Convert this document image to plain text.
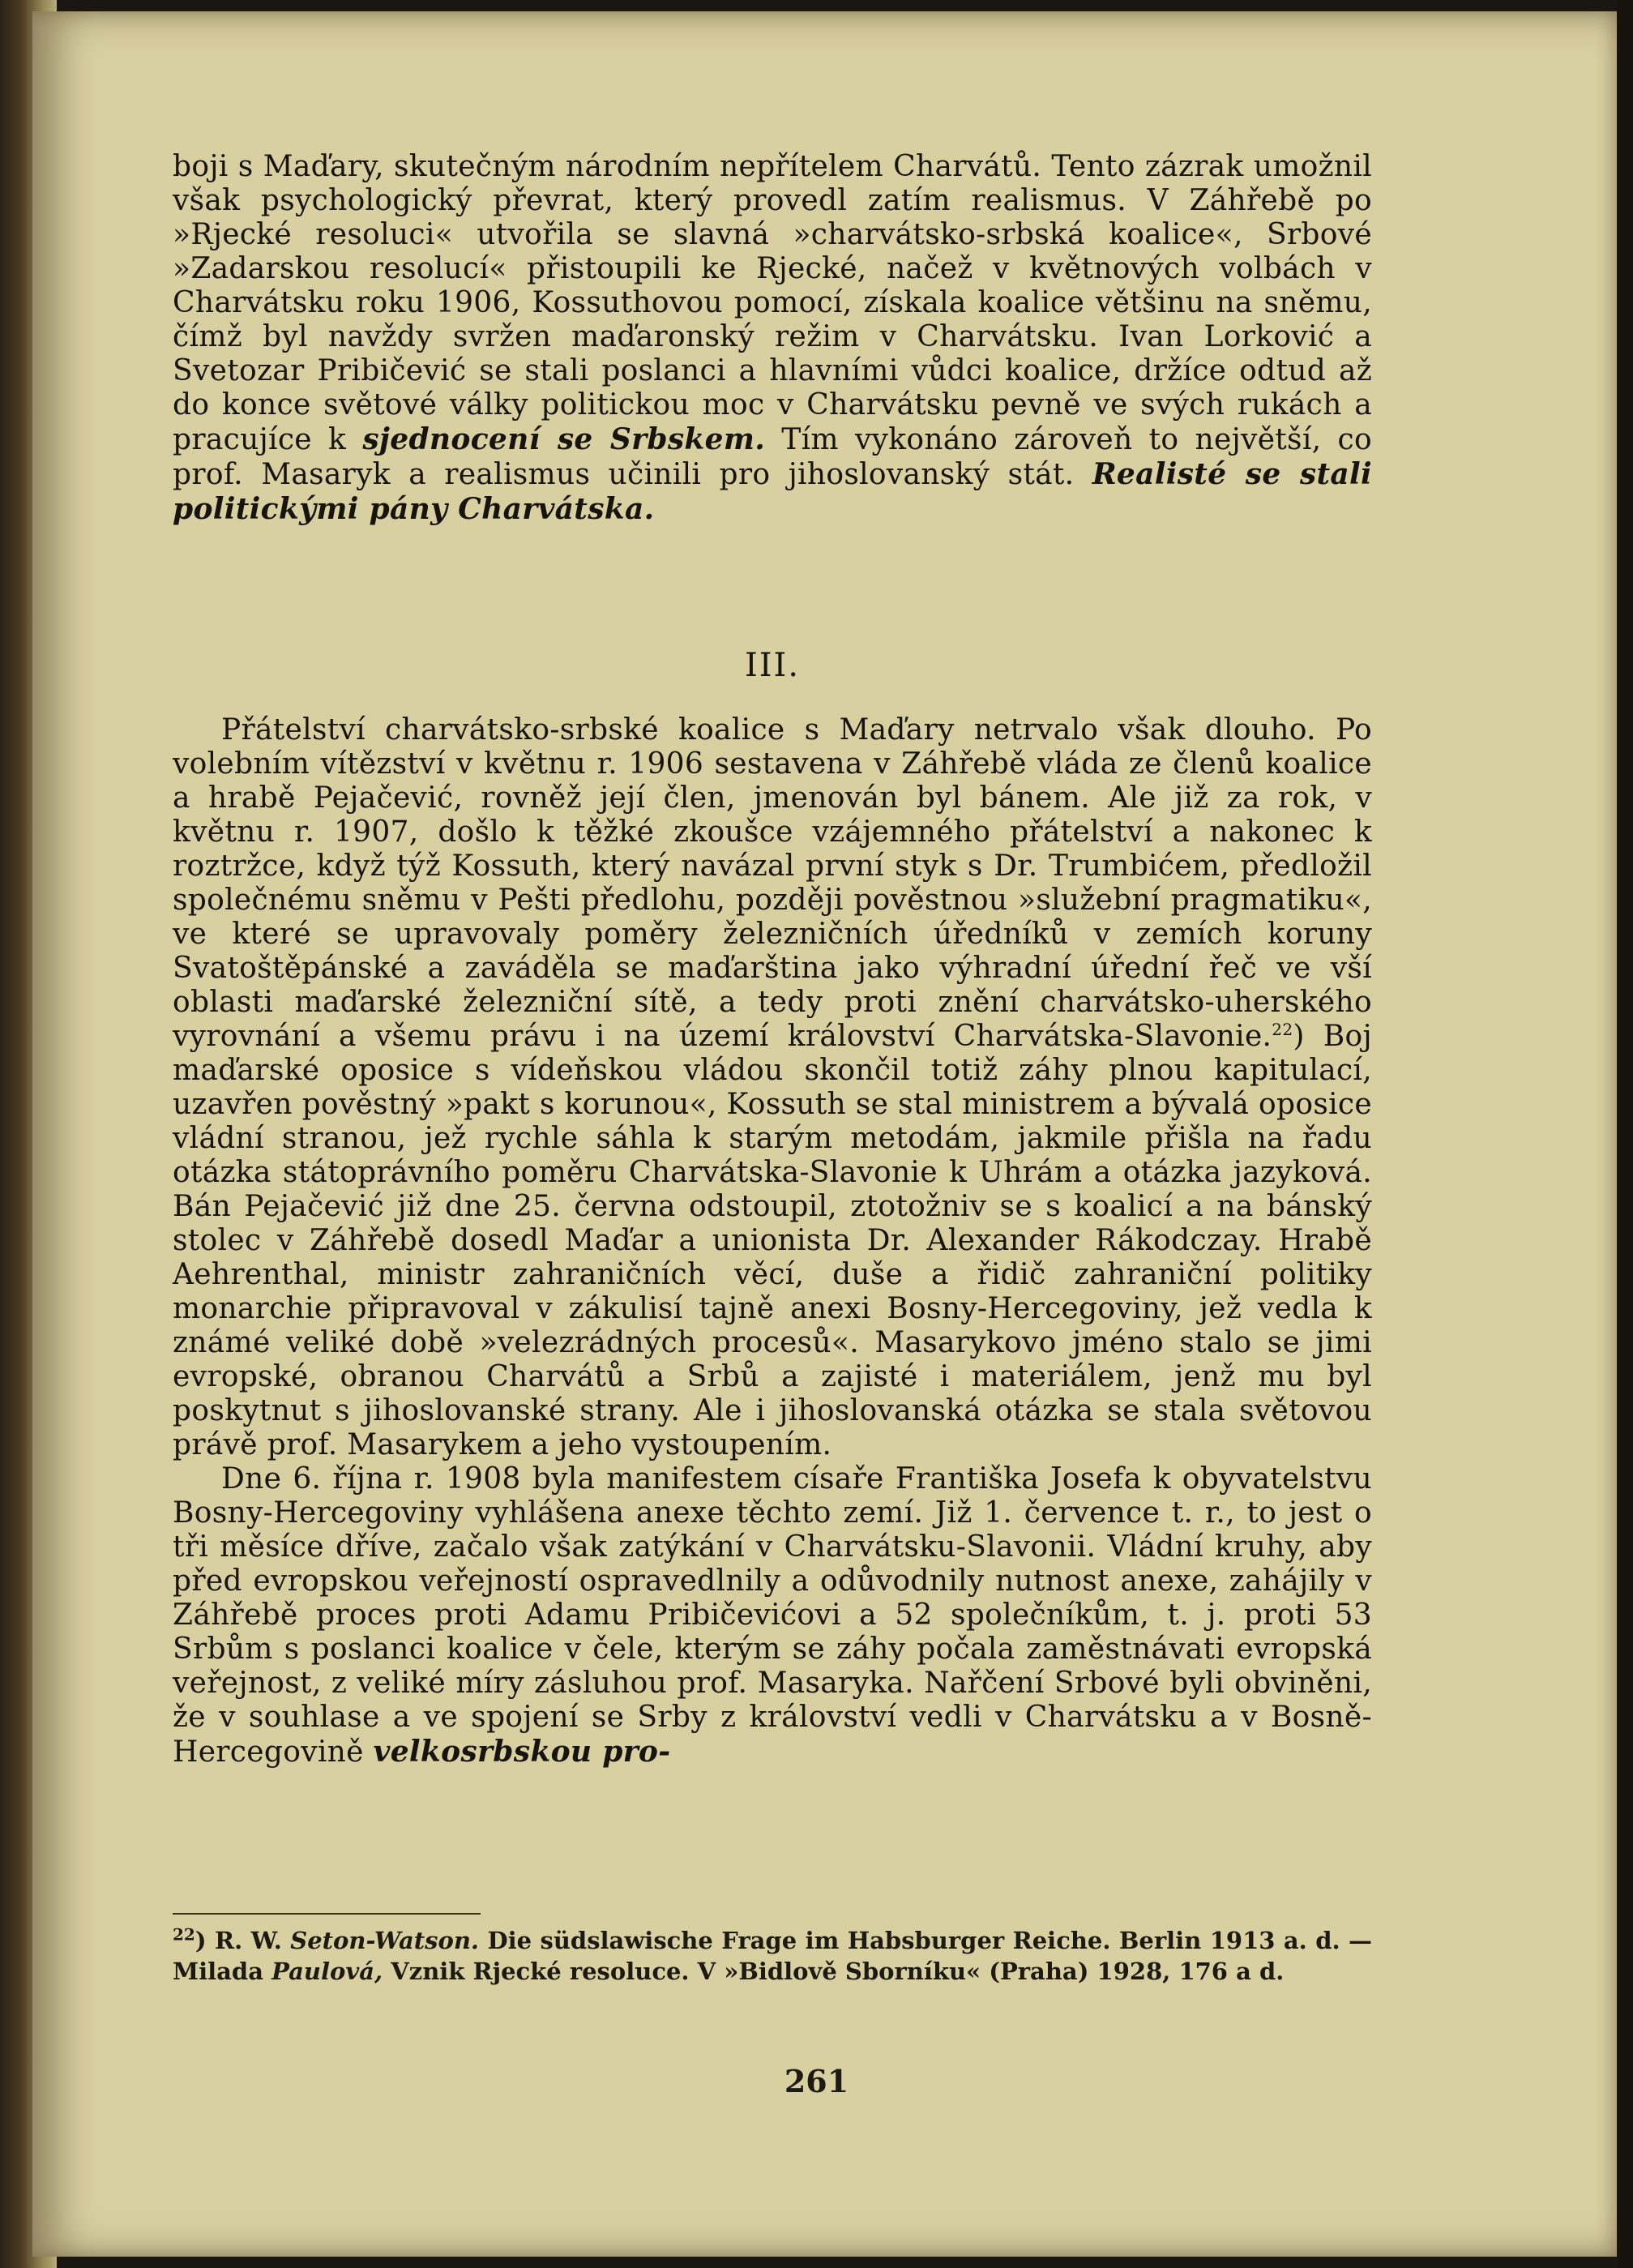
boji s Maďary, skutečným národním nepřítelem Charvátů. Tento zázrak umožnil však psychologický převrat, který provedl zatím realismus. V Záhřebě po »Rjecké resoluci« utvořila se slavná »charvátsko-srbská koalice«, Srbové »Zadarskou resolucí« přistoupili ke Rjecké, načež v květnových volbách v Charvátsku roku 1906, Kossuthovou pomocí, získala koalice většinu na sněmu, čímž byl navždy svržen maďaronský režim v Charvátsku. Ivan Lorković a Svetozar Pribičević se stali poslanci a hlavními vůdci koalice, držíce odtud až do konce světové války politickou moc v Charvátsku pevně ve svých rukách a pracujíce k sjednocení se Srbskem. Tím vykonáno zároveň to největší, co prof. Masaryk a realismus učinili pro jihoslovanský stát. Realisté se stali politickými pány Charvátska.

III.

Přátelství charvátsko-srbské koalice s Maďary netrvalo však dlouho. Po volebním vítězství v květnu r. 1906 sestavena v Záhřebě vláda ze členů koalice a hrabě Pejačević, rovněž její člen, jmenován byl bánem. Ale již za rok, v květnu r. 1907, došlo k těžké zkoušce vzájemného přátelství a nakonec k roztržce, když týž Kossuth, který navázal první styk s Dr. Trumbićem, předložil společnému sněmu v Pešti předlohu, později pověstnou »služební pragmatiku«, ve které se upravovaly poměry železničních úředníků v zemích koruny Svatoštěpánské a zaváděla se maďarština jako výhradní úřední řeč ve vší oblasti maďarské železniční sítě, a tedy proti znění charvátsko-uherského vyrovnání a všemu právu i na území království Charvátska-Slavonie.$^{22}$) Boj maďarské oposice s vídeňskou vládou skončil totiž záhy plnou kapitulací, uzavřen pověstný »pakt s korunou«, Kossuth se stal ministrem a bývalá oposice vládní stranou, jež rychle sáhla k starým metodám, jakmile přišla na řadu otázka státoprávního poměru Charvátska-Slavonie k Uhrám a otázka jazyková. Bán Pejačević již dne 25. června odstoupil, ztotožniv se s koalicí a na bánský stolec v Záhřebě dosedl Maďar a unionista Dr. Alexander Rákodczay. Hrabě Aehrenthal, ministr zahraničních věcí, duše a řidič zahraniční politiky monarchie připravoval v zákulisí tajně anexi Bosny-Hercegoviny, jež vedla k známé veliké době »velezrádných procesů«. Masarykovo jméno stalo se jimi evropské, obranou Charvátů a Srbů a zajisté i materiálem, jenž mu byl poskytnut s jihoslovanské strany. Ale i jihoslovanská otázka se stala světovou právě prof. Masarykem a jeho vystoupením.

Dne 6. října r. 1908 byla manifestem císaře Františka Josefa k obyvatelstvu Bosny-Hercegoviny vyhlášena anexe těchto zemí. Již 1. července t. r., to jest o tři měsíce dříve, začalo však zatýkání v Charvátsku-Slavonii. Vládní kruhy, aby před evropskou veřejností ospravedlnily a odůvodnily nutnost anexe, zahájily v Záhřebě proces proti Adamu Pribičevićovi a 52 společníkům, t. j. proti 53 Srbům s poslanci koalice v čele, kterým se záhy počala zaměstnávati evropská veřejnost, z veliké míry zásluhou prof. Masaryka. Nařčení Srbové byli obviněni, že v souhlase a ve spojení se Srby z království vedli v Charvátsku a v Bosně-Hercegovině velkosrbskou pro-

$^{22}$) R. W. Seton-Watson. Die südslawische Frage im Habsburger Reiche. Berlin 1913 a. d. — Milada Paulová, Vznik Rjecké resoluce. V »Bidlově Sborníku« (Praha) 1928, 176 a d.
261
